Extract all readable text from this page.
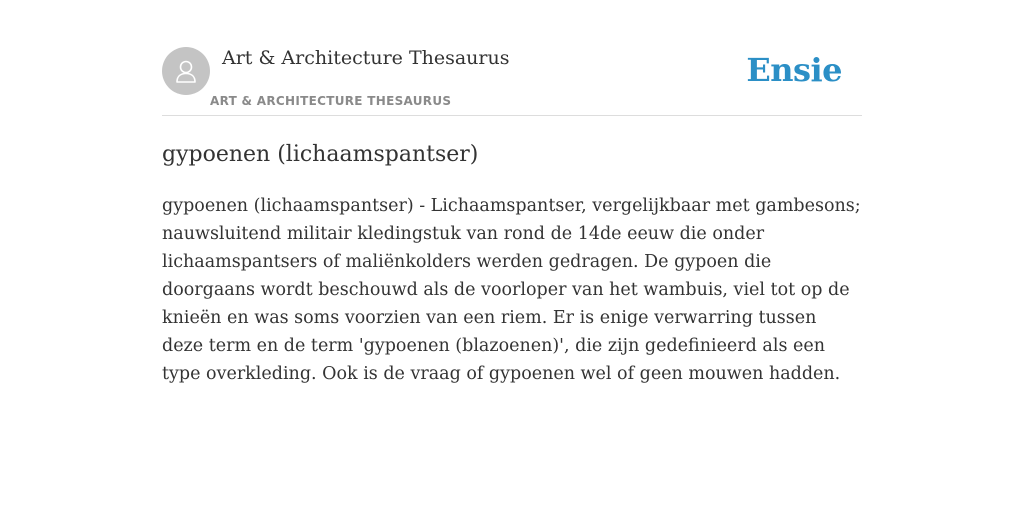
Art & Architecture Thesaurus
ART & ARCHITECTURE THESAURUS
Ensie
gypoenen (lichaamspantser)

gypoenen (lichaamspantser) - Lichaamspantser, vergelijkbaar met gambesons; nauwsluitend militair kledingstuk van rond de 14de eeuw die onder lichaamspantsers of maliënkolders werden gedragen. De gypoen die doorgaans wordt beschouwd als de voorloper van het wambuis, viel tot op de knieën en was soms voorzien van een riem. Er is enige verwarring tussen deze term en de term 'gypoenen (blazoenen)', die zijn gedefinieerd als een type overkleding. Ook is de vraag of gypoenen wel of geen mouwen hadden.
